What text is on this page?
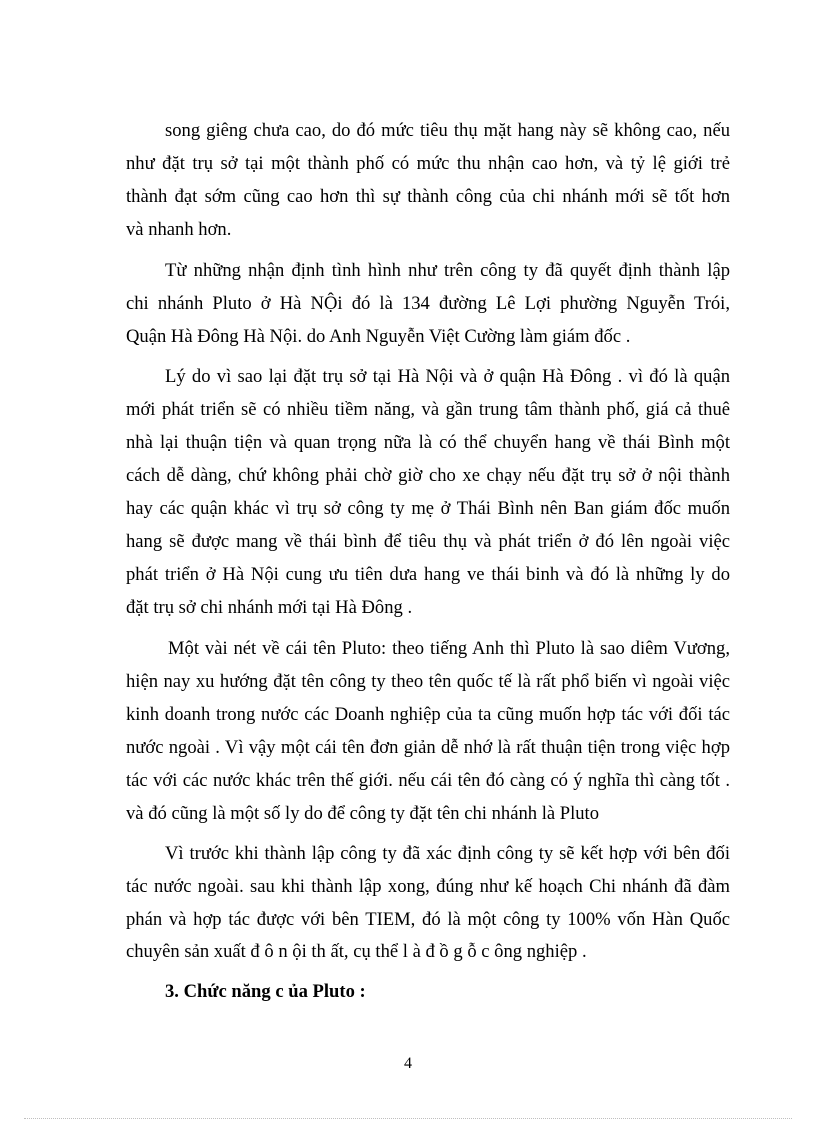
song giêng chưa cao, do đó mức tiêu thụ mặt hang này sẽ không cao, nếu
như đặt trụ sở tại một thành phố có mức thu nhận cao hơn, và tỷ lệ giới trẻ
thành đạt sớm cũng cao hơn thì sự thành công của chi nhánh mới sẽ tốt hơn
và nhanh hơn.
Từ những nhận định tình hình như trên công ty đã quyết định thành lập
chi nhánh Pluto ở Hà NỘi đó là 134 đường Lê Lợi phường Nguyễn Trói,
Quận Hà Đông Hà Nội. do Anh Nguyễn Việt Cường làm giám đốc .
Lý do vì sao lại đặt trụ sở tại Hà Nội và ở quận Hà Đông . vì đó là quận
mới phát triển sẽ có nhiều tiềm năng, và gần trung tâm thành phố, giá cả thuê
nhà lại thuận tiện và quan trọng nữa là có thể chuyển hang về thái Bình một
cách dễ dàng, chứ không phải chờ giờ cho xe chạy nếu đặt trụ sở ở nội thành
hay các quận khác vì trụ sở công ty mẹ ở Thái Bình nên Ban giám đốc muốn
hang sẽ được mang về thái bình để tiêu thụ và phát triển ở đó lên ngoài việc
phát triển ở Hà Nội cung ưu tiên dưa hang ve thái binh và đó là những ly do
đặt trụ sở chi nhánh mới tại Hà Đông .
Một vài nét về cái tên Pluto: theo tiếng Anh thì Pluto là sao diêm Vương,
hiện nay xu hướng đặt tên công ty theo tên quốc tế là rất phổ biến vì ngoài việc
kinh doanh trong nước các Doanh nghiệp của ta cũng muốn hợp tác với đối tác
nước ngoài . Vì vậy một cái tên đơn giản dễ nhớ là rất thuận tiện trong việc hợp
tác với các nước khác trên thế giới. nếu cái tên đó càng có ý nghĩa thì càng tốt .
và đó cũng là một số ly do để công ty đặt tên chi nhánh là Pluto
Vì trước khi thành lập công ty đã xác định công ty sẽ kết hợp với bên đối
tác nước ngoài. sau khi thành lập xong, đúng như kế hoạch Chi nhánh đã đàm
phán và hợp tác được với bên TIEM, đó là một công ty 100% vốn Hàn Quốc
chuyên sản xuất đ ô n ội th ất, cụ thể l à đ ồ g ỗ c ông nghiệp .
3. Chức năng c ủa Pluto :
4
